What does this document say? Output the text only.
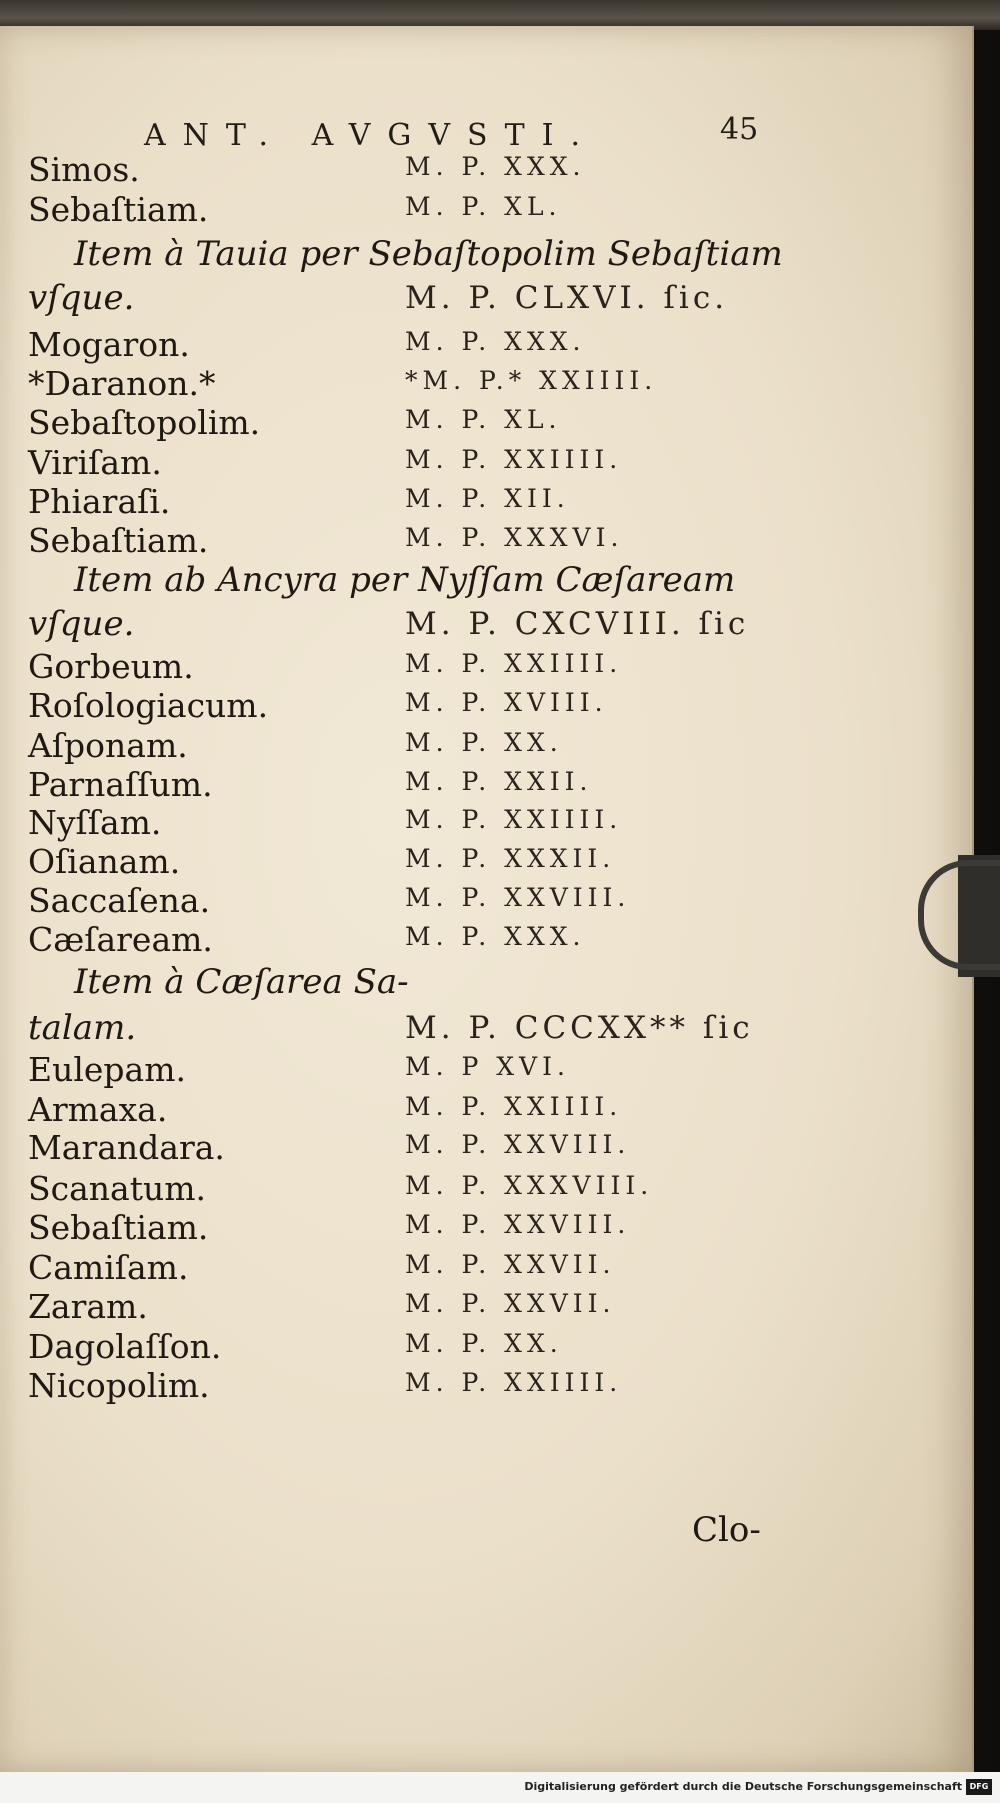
ANT. AVGVSTI.	45
Simos.	M. P. XXX.
Sebaſtiam.	M. P. XL.
Item à Tauia per Sebaſtopolim Sebaſtiam
vſque.	M. P. CLXVI. ſic.
Mogaron.	M. P. XXX.
*Daranon.*	*M. P.* XXIIII.
Sebaſtopolim.	M. P. XL.
Viriſam.	M. P. XXIIII.
Phiaraſi.	M. P. XII.
Sebaſtiam.	M. P. XXXVI.
Item ab Ancyra per Nyſſam Cæſaream
vſque.	M. P. CXCVIII. ſic
Gorbeum.	M. P. XXIIII.
Roſologiacum.	M. P. XVIII.
Aſponam.	M. P. XX.
Parnaſſum.	M. P. XXII.
Nyſſam.	M. P. XXIIII.
Oſianam.	M. P. XXXII.
Saccaſena.	M. P. XXVIII.
Cæſaream.	M. P. XXX.
Item à Cæſarea Sa-
talam.	M. P. CCCXX** ſic
Eulepam.	M. P XVI.
Armaxa.	M. P. XXIIII.
Marandara.	M. P. XXVIII.
Scanatum.	M. P. XXXVIII.
Sebaſtiam.	M. P. XXVIII.
Camiſam.	M. P. XXVII.
Zaram.	M. P. XXVII.
Dagolaſſon.	M. P. XX.
Nicopolim.	M. P. XXIIII.
Clo-
Digitalisierung gefördert durch die Deutsche Forschungsgemeinschaft DFG
